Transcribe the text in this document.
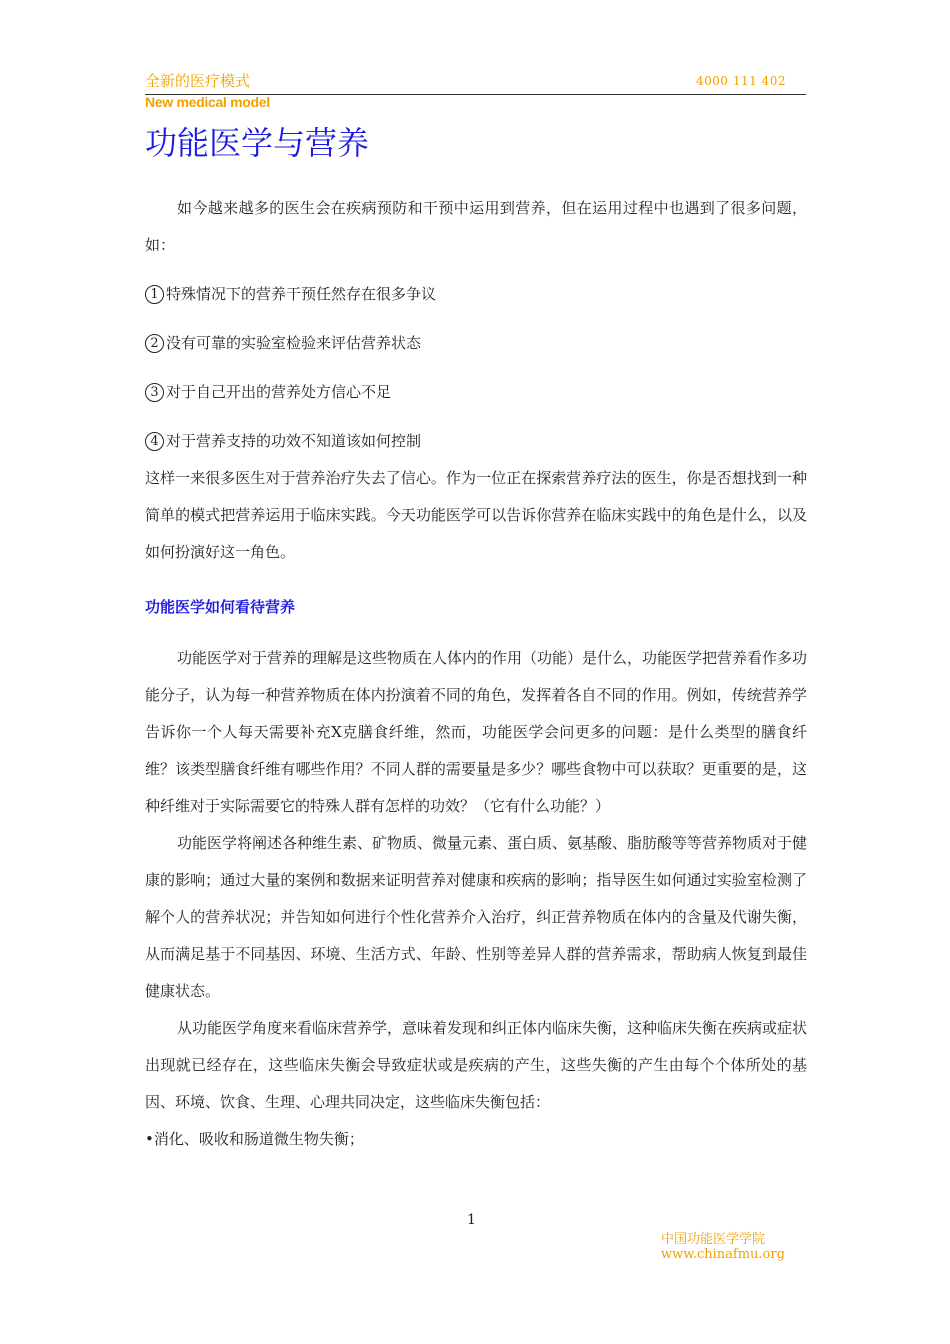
全新的医疗模式	4000 111 402
New medical model
功能医学与营养

如今越来越多的医生会在疾病预防和干预中运用到营养，但在运用过程中也遇到了很多问题，如：

1 特殊情况下的营养干预任然存在很多争议

2 没有可靠的实验室检验来评估营养状态

3 对于自己开出的营养处方信心不足

4 对于营养支持的功效不知道该如何控制

这样一来很多医生对于营养治疗失去了信心。作为一位正在探索营养疗法的医生，你是否想找到一种简单的模式把营养运用于临床实践。今天功能医学可以告诉你营养在临床实践中的角色是什么，以及如何扮演好这一角色。

功能医学如何看待营养

功能医学对于营养的理解是这些物质在人体内的作用（功能）是什么，功能医学把营养看作多功能分子，认为每一种营养物质在体内扮演着不同的角色，发挥着各自不同的作用。例如，传统营养学告诉你一个人每天需要补充X克膳食纤维，然而，功能医学会问更多的问题：是什么类型的膳食纤维？该类型膳食纤维有哪些作用？不同人群的需要量是多少？哪些食物中可以获取？更重要的是，这种纤维对于实际需要它的特殊人群有怎样的功效？（它有什么功能？）

功能医学将阐述各种维生素、矿物质、微量元素、蛋白质、氨基酸、脂肪酸等等营养物质对于健康的影响；通过大量的案例和数据来证明营养对健康和疾病的影响；指导医生如何通过实验室检测了解个人的营养状况；并告知如何进行个性化营养介入治疗，纠正营养物质在体内的含量及代谢失衡，从而满足基于不同基因、环境、生活方式、年龄、性别等差异人群的营养需求，帮助病人恢复到最佳健康状态。

从功能医学角度来看临床营养学，意味着发现和纠正体内临床失衡，这种临床失衡在疾病或症状出现就已经存在，这些临床失衡会导致症状或是疾病的产生，这些失衡的产生由每个个体所处的基因、环境、饮食、生理、心理共同决定，这些临床失衡包括：

•消化、吸收和肠道微生物失衡；

1
中国功能医学学院
www.chinafmu.org
